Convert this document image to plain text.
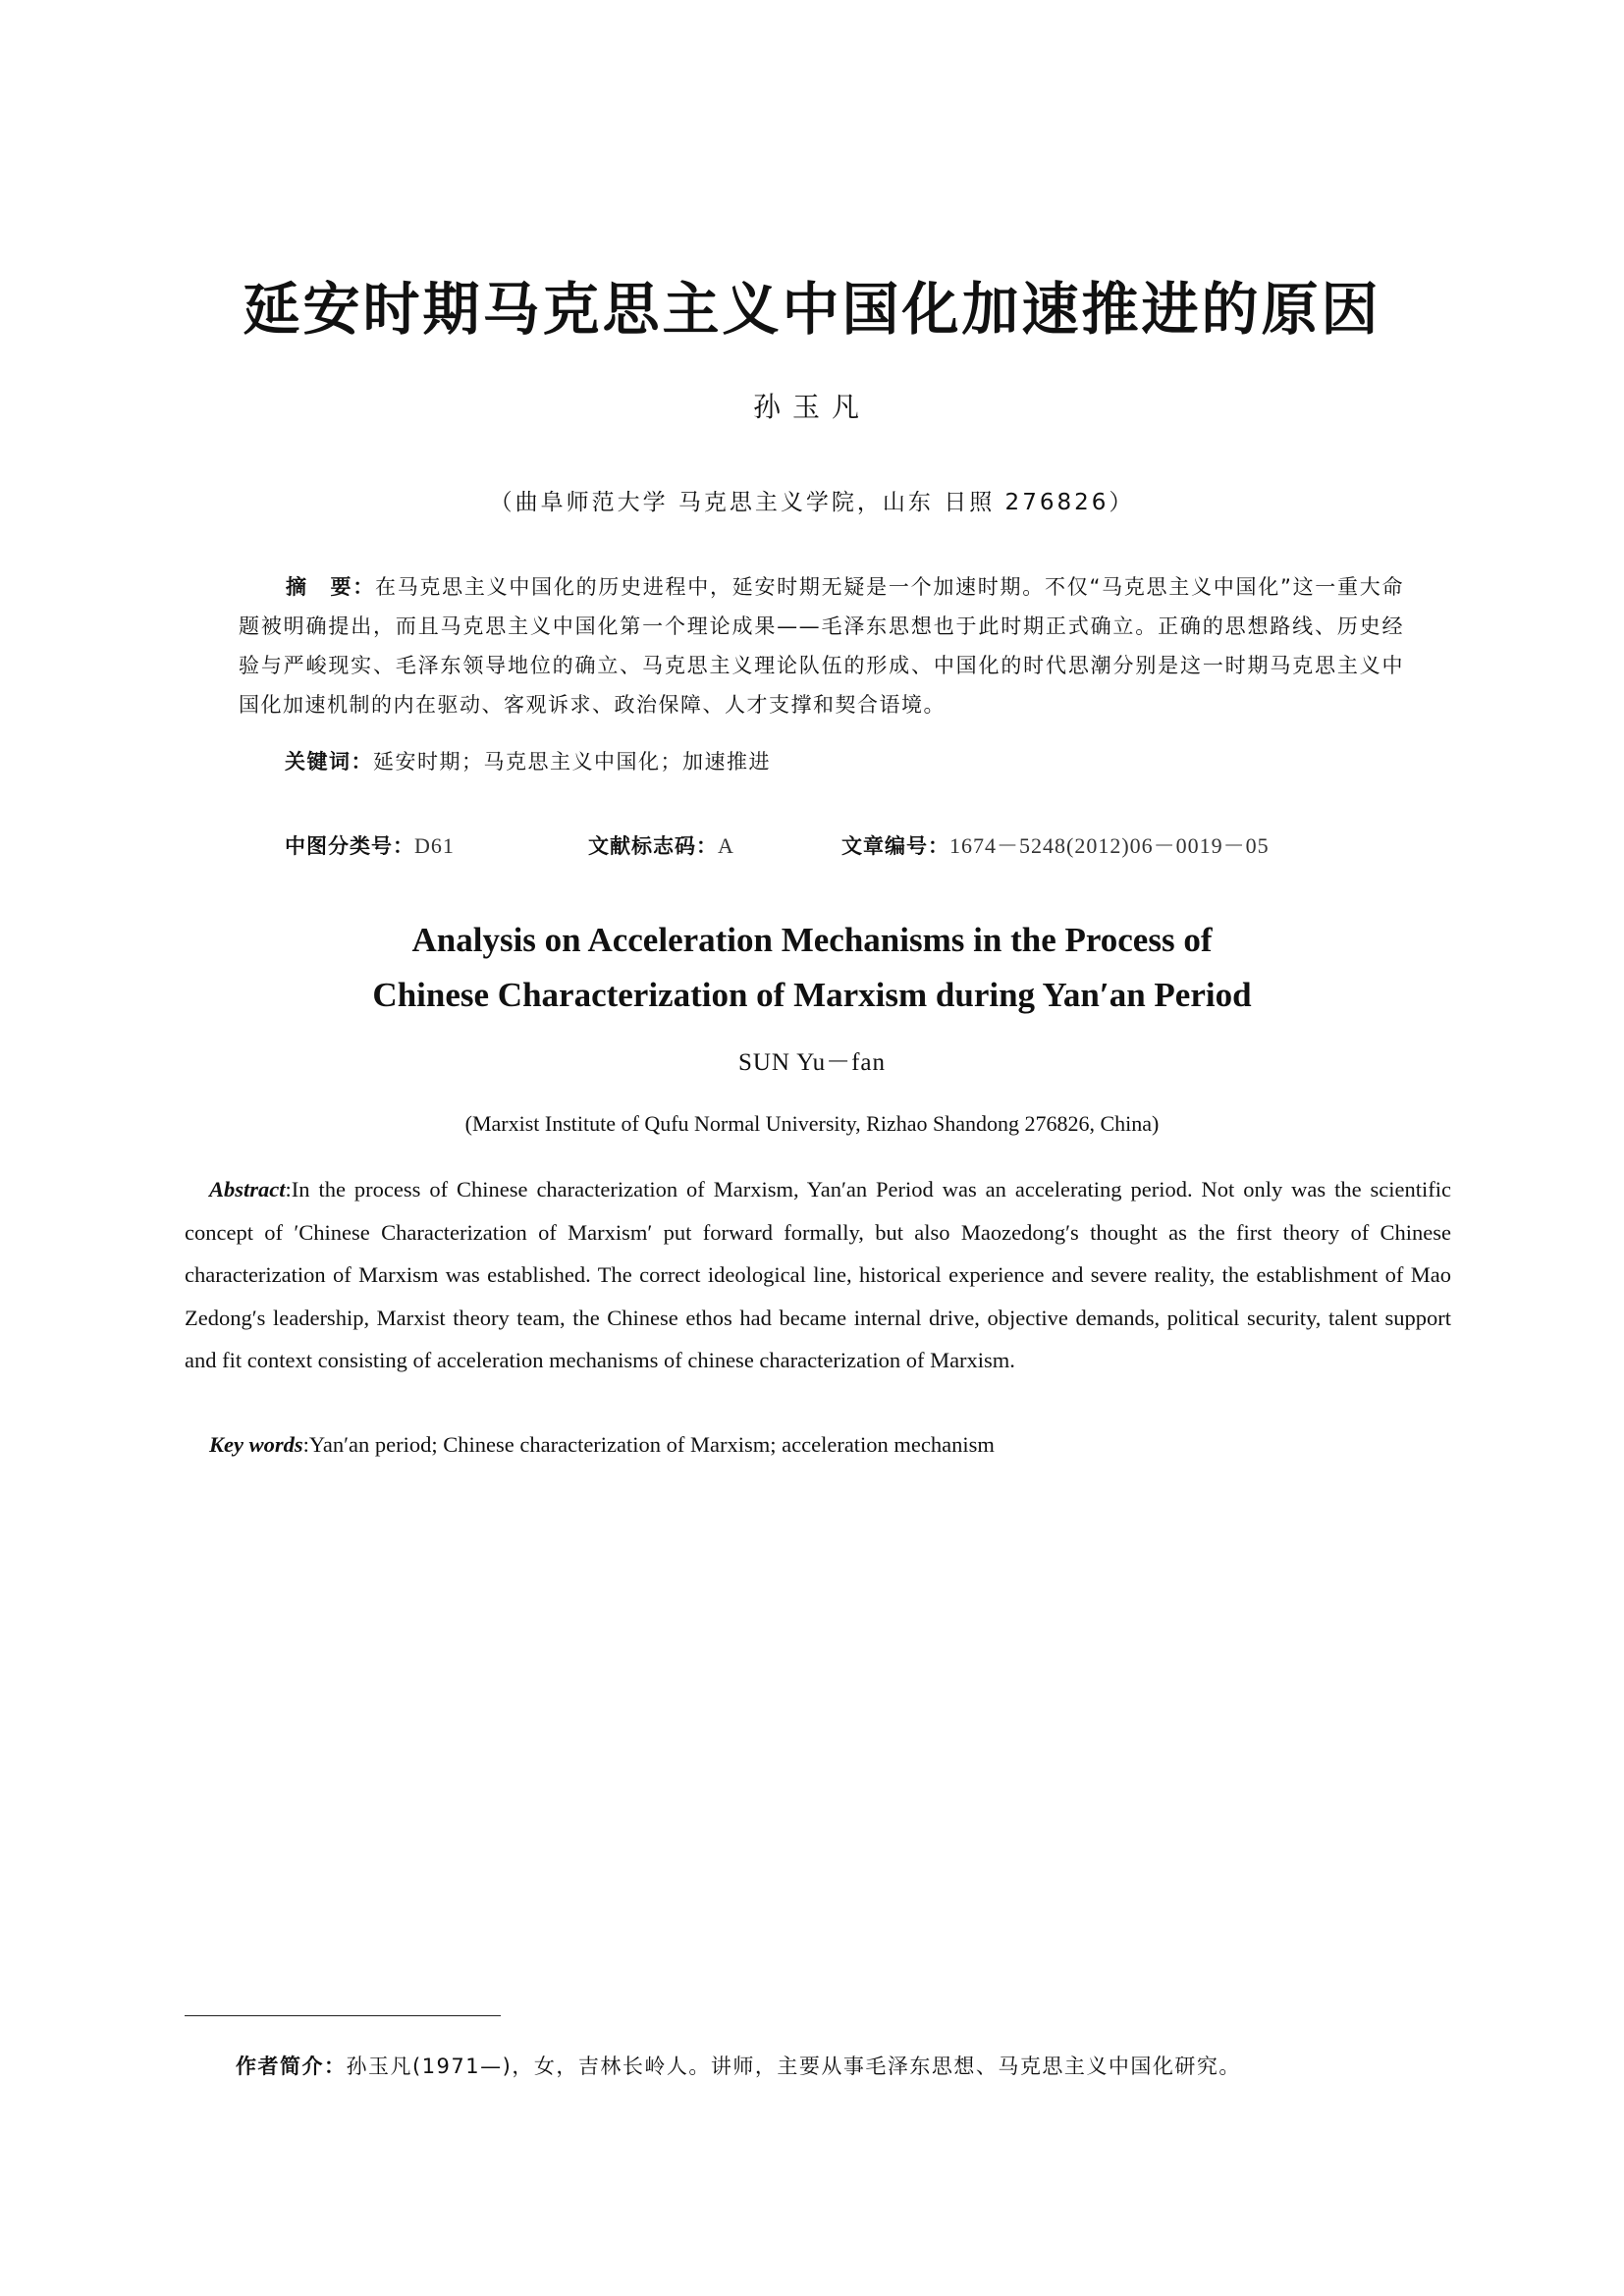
延安时期马克思主义中国化加速推进的原因
孙玉凡
（曲阜师范大学 马克思主义学院，山东 日照 276826）
摘　要：在马克思主义中国化的历史进程中，延安时期无疑是一个加速时期。不仅“马克思主义中国化”这一重大命题被明确提出，而且马克思主义中国化第一个理论成果——毛泽东思想也于此时期正式确立。正确的思想路线、历史经验与严峻现实、毛泽东领导地位的确立、马克思主义理论队伍的形成、中国化的时代思潮分别是这一时期马克思主义中国化加速机制的内在驱动、客观诉求、政治保障、人才支撑和契合语境。
关键词：延安时期；马克思主义中国化；加速推进
中图分类号：D61	文献标志码：A	文章编号：1674－5248(2012)06－0019－05
Analysis on Acceleration Mechanisms in the Process of
Chinese Characterization of Marxism during Yan′an Period
SUN Yu－fan
(Marxist Institute of Qufu Normal University, Rizhao Shandong 276826, China)
Abstract:In the process of Chinese characterization of Marxism, Yan′an Period was an accelerating period. Not only was the scientific concept of ′Chinese Characterization of Marxism′ put forward formally, but also Maozedong′s thought as the first theory of Chinese characterization of Marxism was established. The correct ideological line, historical experience and severe reality, the establishment of Mao Zedong′s leadership, Marxist theory team, the Chinese ethos had became internal drive, objective demands, political security, talent support and fit context consisting of acceleration mechanisms of chinese characterization of Marxism.
Key words:Yan′an period; Chinese characterization of Marxism; acceleration mechanism
作者简介：孙玉凡(1971—)，女，吉林长岭人。讲师，主要从事毛泽东思想、马克思主义中国化研究。
